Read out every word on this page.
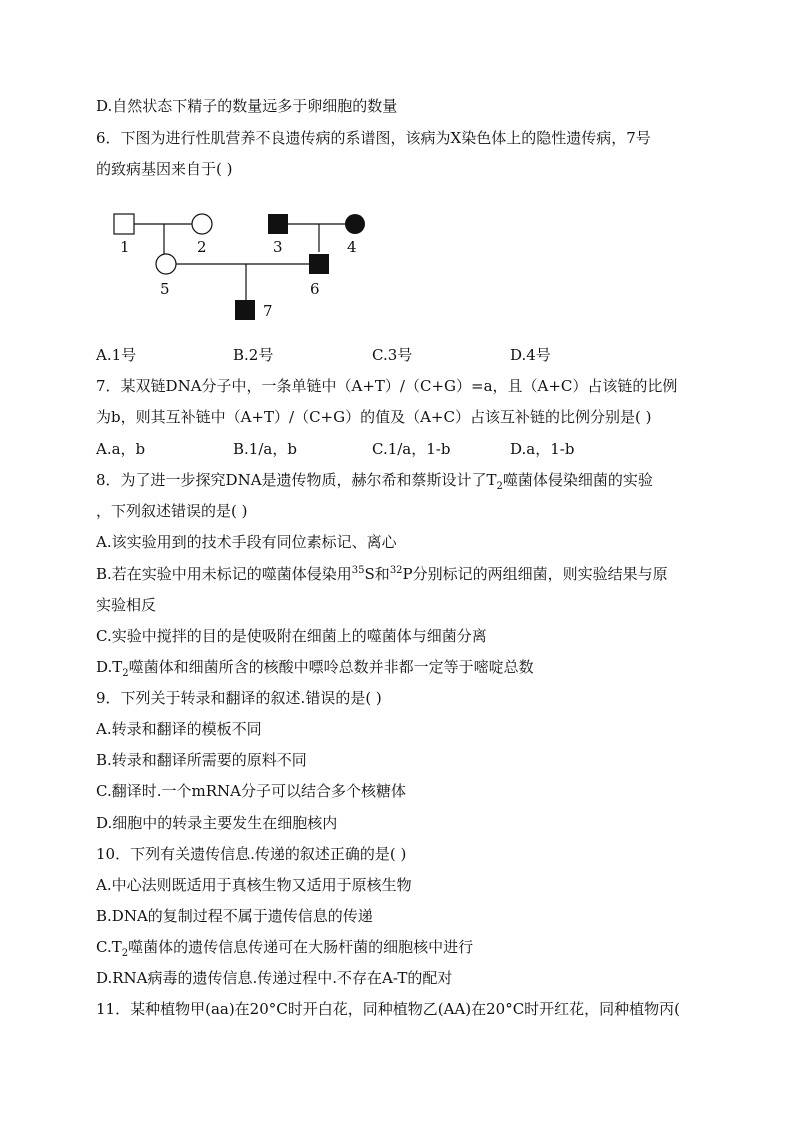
D.自然状态下精子的数量远多于卵细胞的数量
6．下图为进行性肌营养不良遗传病的系谱图，该病为X染色体上的隐性遗传病，7号
的致病基因来自于( )
1	2	3	4
5	6
7
A.1号	B.2号	C.3号	D.4号
7．某双链DNA分子中，一条单链中（A+T）/（C+G）=a，且（A+C）占该链的比例
为b，则其互补链中（A+T）/（C+G）的值及（A+C）占该互补链的比例分别是( )
A.a，b	B.1/a，b	C.1/a，1-b	D.a，1-b
8．为了进一步探究DNA是遗传物质，赫尔希和蔡斯设计了$T_2$噬菌体侵染细菌的实验
，下列叙述错误的是( )
A.该实验用到的技术手段有同位素标记、离心
B.若在实验中用未标记的噬菌体侵染用$^{35}$S和$^{32}$P分别标记的两组细菌，则实验结果与原
实验相反
C.实验中搅拌的目的是使吸附在细菌上的噬菌体与细菌分离
$D.T_2$噬菌体和细菌所含的核酸中嘌呤总数并非都一定等于嘧啶总数
9．下列关于转录和翻译的叙述.错误的是( )
A.转录和翻译的模板不同
B.转录和翻译所需要的原料不同
C.翻译时.一个mRNA分子可以结合多个核糖体
D.细胞中的转录主要发生在细胞核内
10．下列有关遗传信息.传递的叙述正确的是( )
A.中心法则既适用于真核生物又适用于原核生物
B.DNA的复制过程不属于遗传信息的传递
$C.T_2$噬菌体的遗传信息传递可在大肠杆菌的细胞核中进行
D.RNA病毒的遗传信息.传递过程中.不存在A-T的配对
11．某种植物甲(aa)在20°C时开白花，同种植物乙(AA)在20°C时开红花，同种植物丙(
